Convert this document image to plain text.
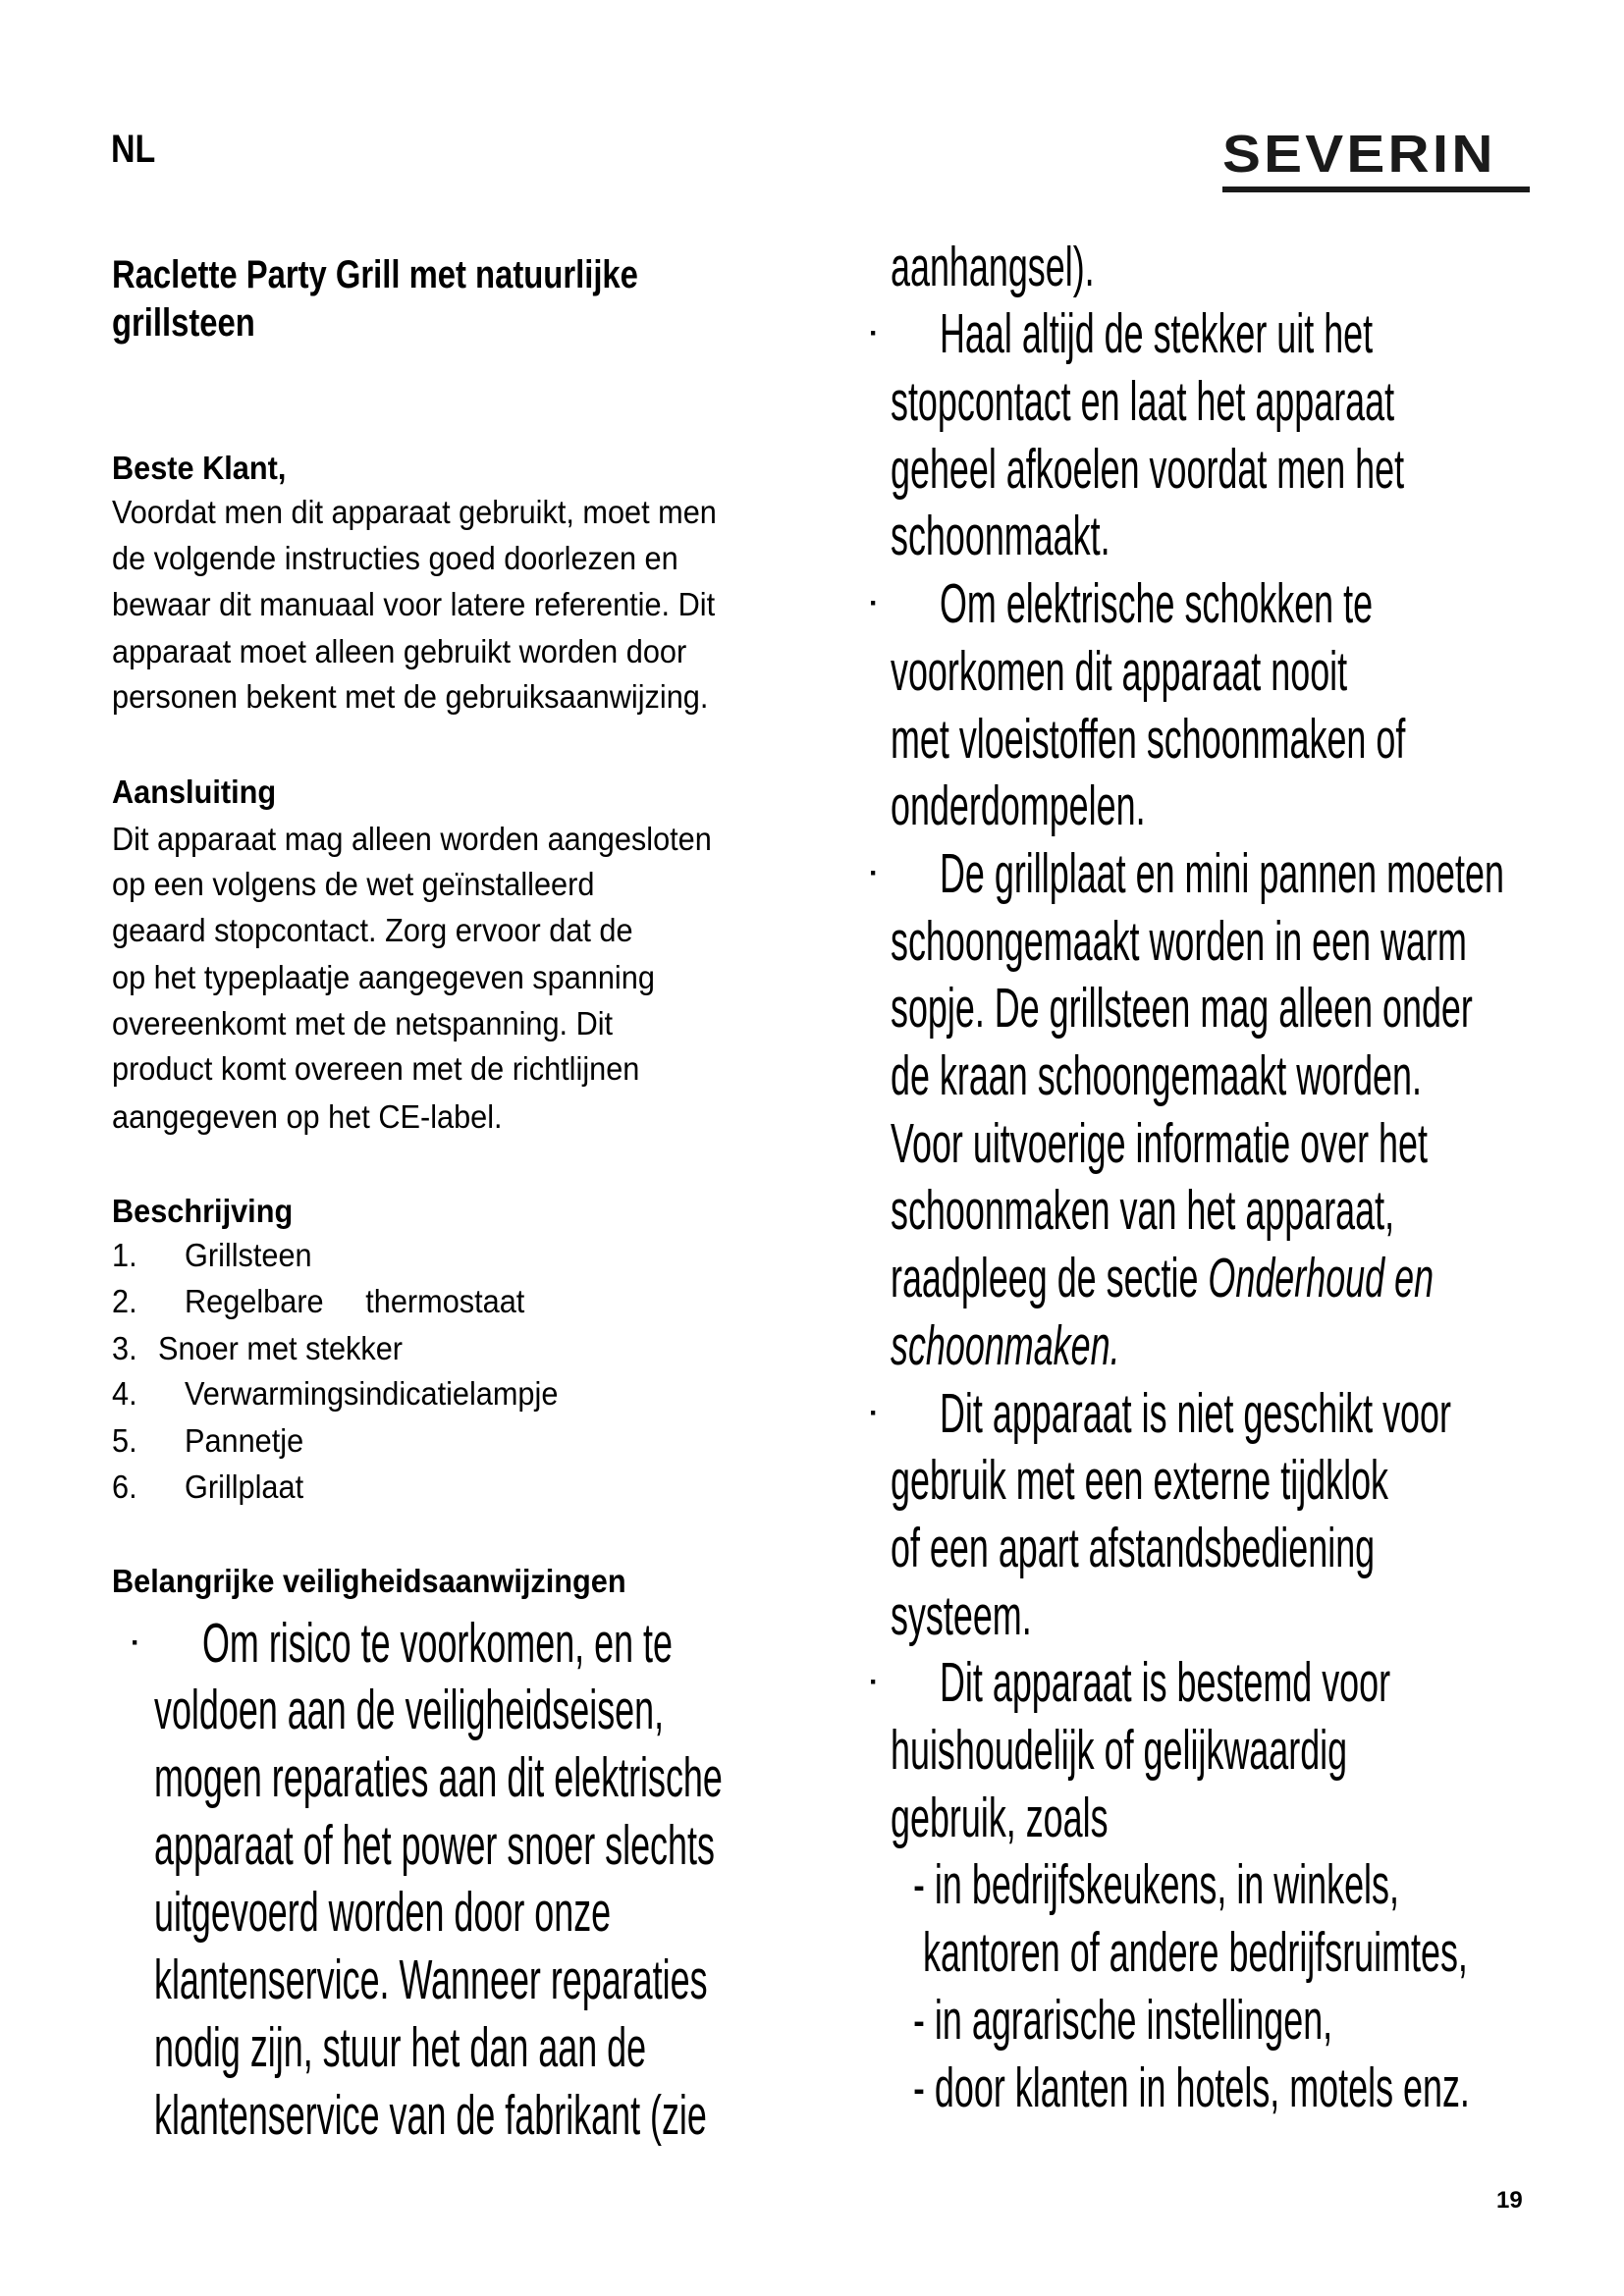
NL	SEVERIN
Raclette Party Grill met natuurlijke
grillsteen
Beste Klant,
Voordat men dit apparaat gebruikt, moet men
de volgende instructies goed doorlezen en
bewaar dit manuaal voor latere referentie. Dit
apparaat moet alleen gebruikt worden door
personen bekent met de gebruiksaanwijzing.
Aansluiting
Dit apparaat mag alleen worden aangesloten
op een volgens de wet geïnstalleerd
geaard stopcontact. Zorg ervoor dat de
op het typeplaatje aangegeven spanning
overeenkomt met de netspanning. Dit
product komt overeen met de richtlijnen
aangegeven op het CE-label.
Beschrijving
1. Grillsteen
2. Regelbare     thermostaat
3. Snoer met stekker
4. Verwarmingsindicatielampje
5. Pannetje
6. Grillplaat
Belangrijke veiligheidsaanwijzingen
· Om risico te voorkomen, en te
voldoen aan de veiligheidseisen,
mogen reparaties aan dit elektrische
apparaat of het power snoer slechts
uitgevoerd worden door onze
klantenservice. Wanneer reparaties
nodig zijn, stuur het dan aan de
klantenservice van de fabrikant (zie
aanhangsel).
· Haal altijd de stekker uit het
stopcontact en laat het apparaat
geheel afkoelen voordat men het
schoonmaakt.
· Om elektrische schokken te
voorkomen dit apparaat nooit
met vloeistoffen schoonmaken of
onderdompelen.
· De grillplaat en mini pannen moeten
schoongemaakt worden in een warm
sopje. De grillsteen mag alleen onder
de kraan schoongemaakt worden.
Voor uitvoerige informatie over het
schoonmaken van het apparaat,
raadpleeg de sectie Onderhoud en
schoonmaken.
· Dit apparaat is niet geschikt voor
gebruik met een externe tijdklok
of een apart afstandsbediening
systeem.
· Dit apparaat is bestemd voor
huishoudelijk of gelijkwaardig
gebruik, zoals
- in bedrijfskeukens, in winkels,
kantoren of andere bedrijfsruimtes,
- in agrarische instellingen,
- door klanten in hotels, motels enz.
19
